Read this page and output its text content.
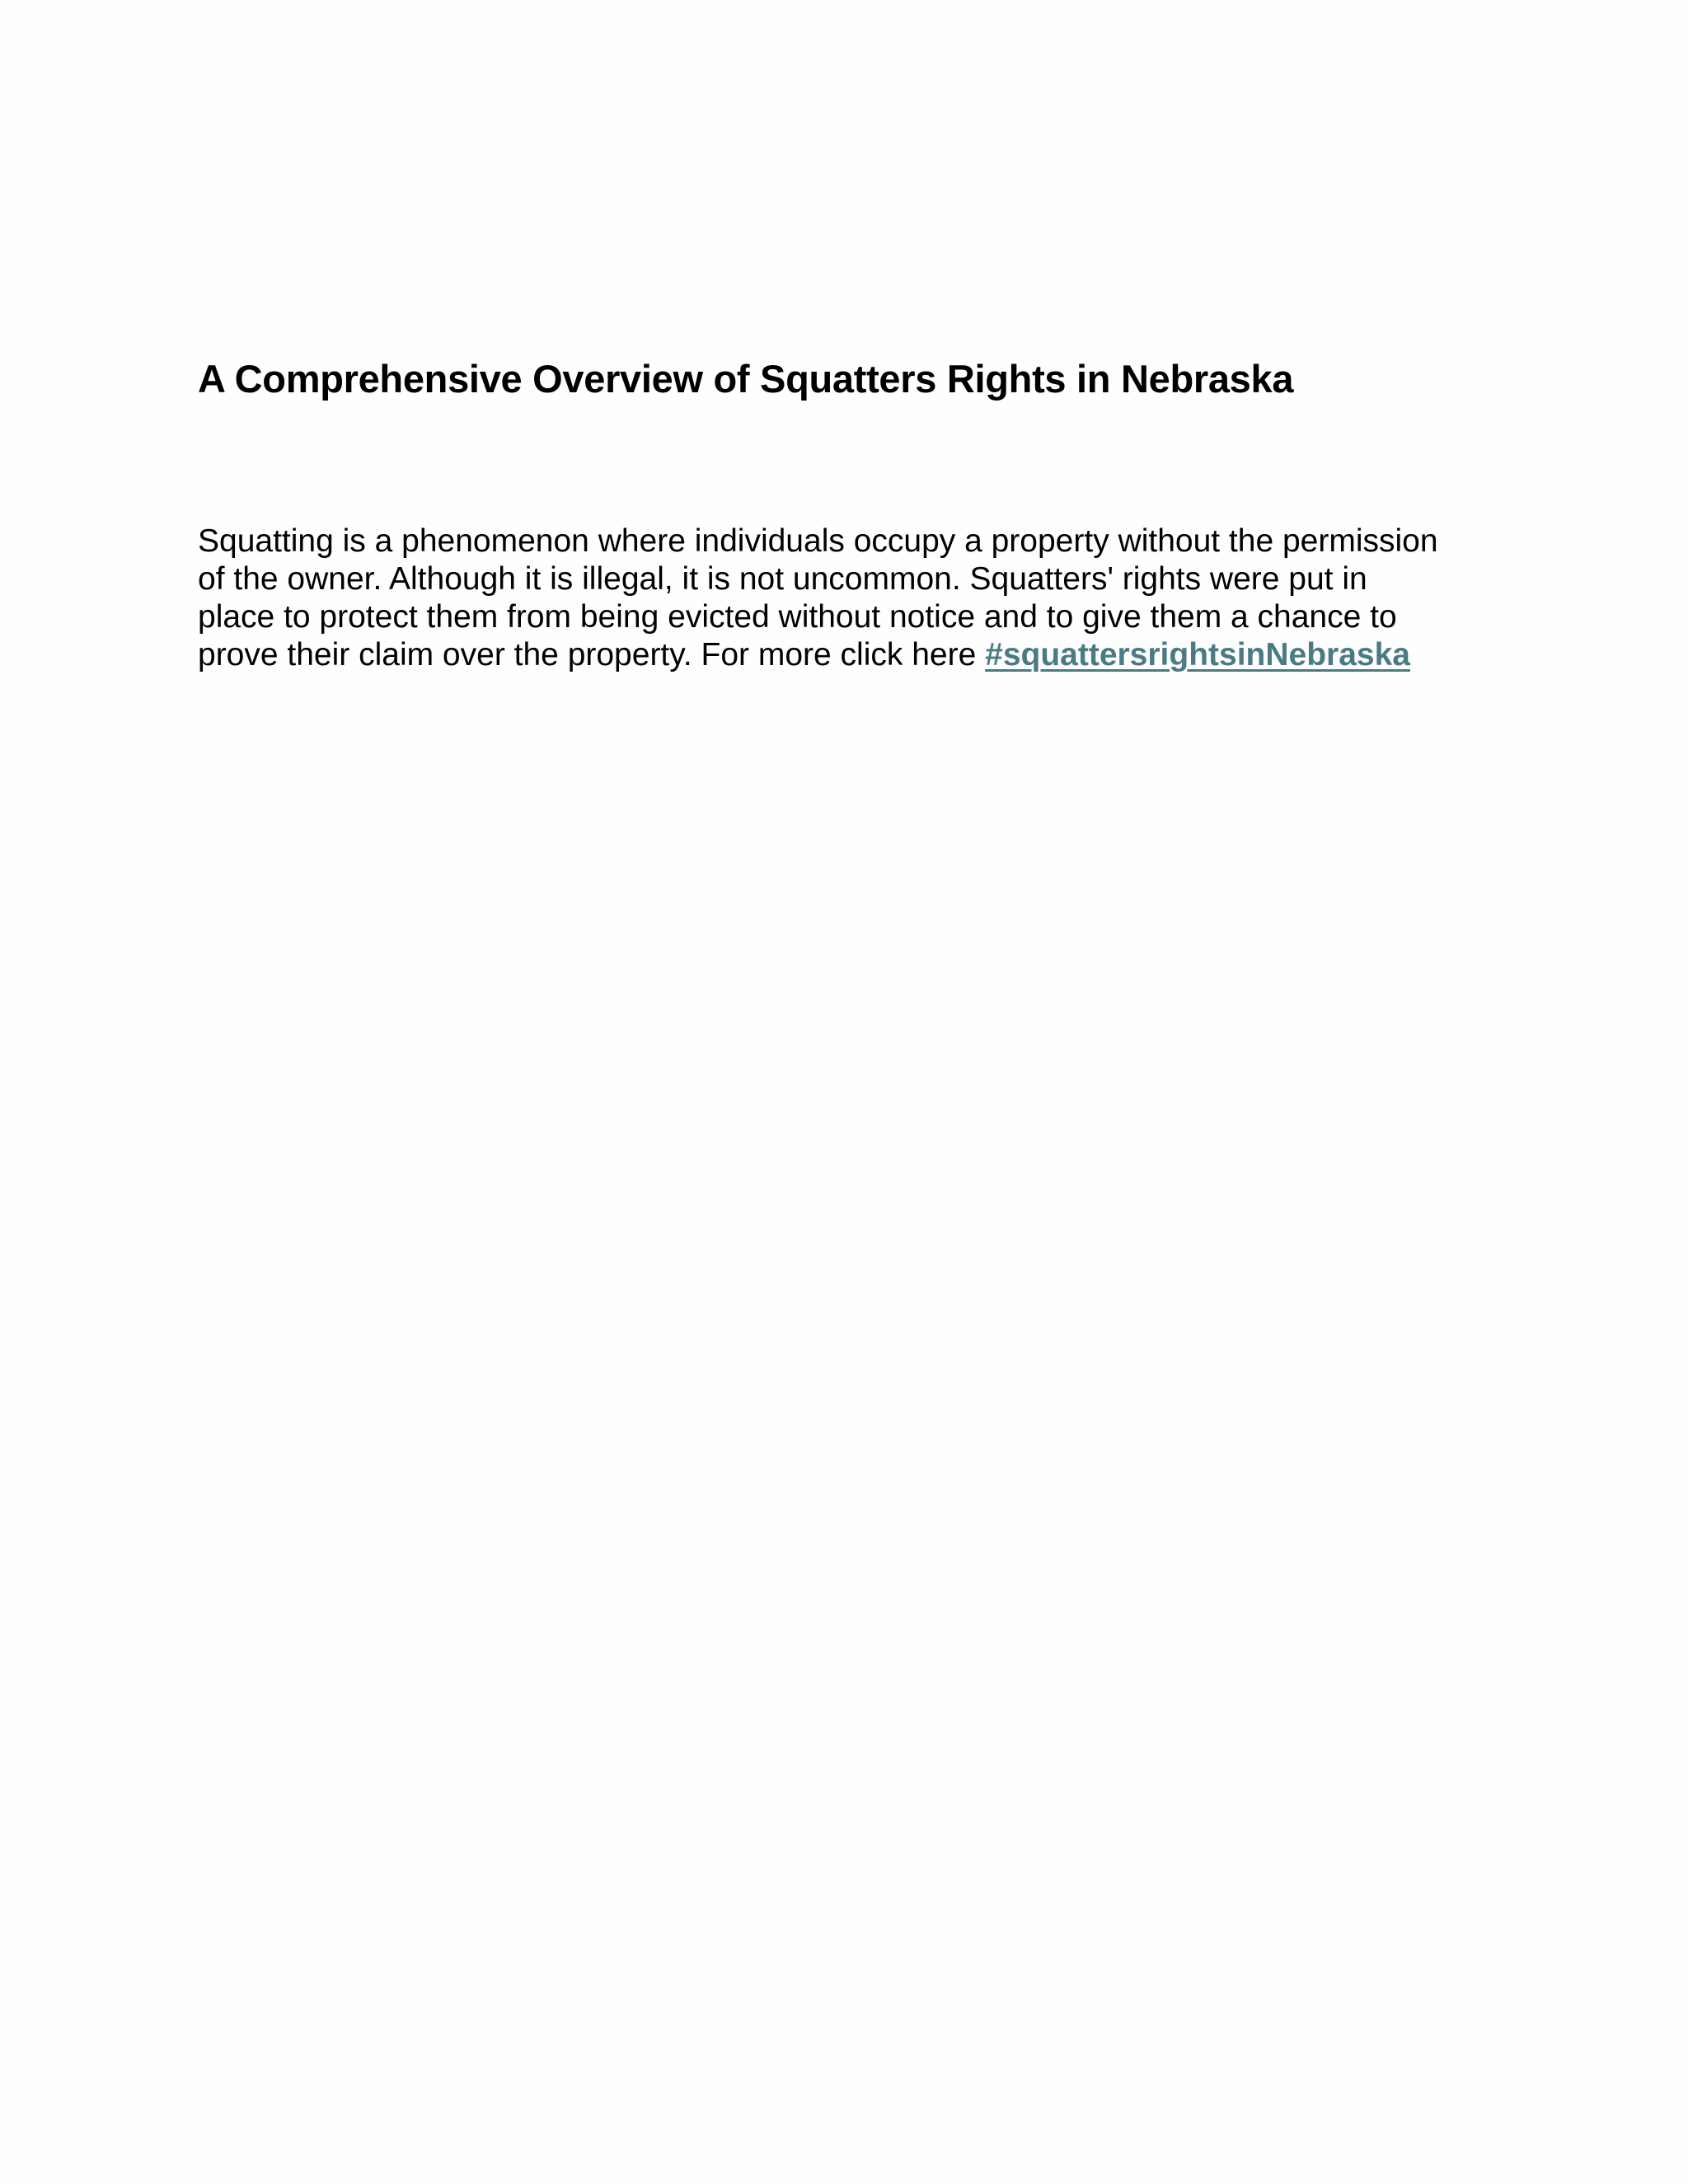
A Comprehensive Overview of Squatters Rights in Nebraska

Squatting is a phenomenon where individuals occupy a property without the permission
of the owner. Although it is illegal, it is not uncommon. Squatters' rights were put in
place to protect them from being evicted without notice and to give them a chance to
prove their claim over the property. For more click here #squattersrightsinNebraska
